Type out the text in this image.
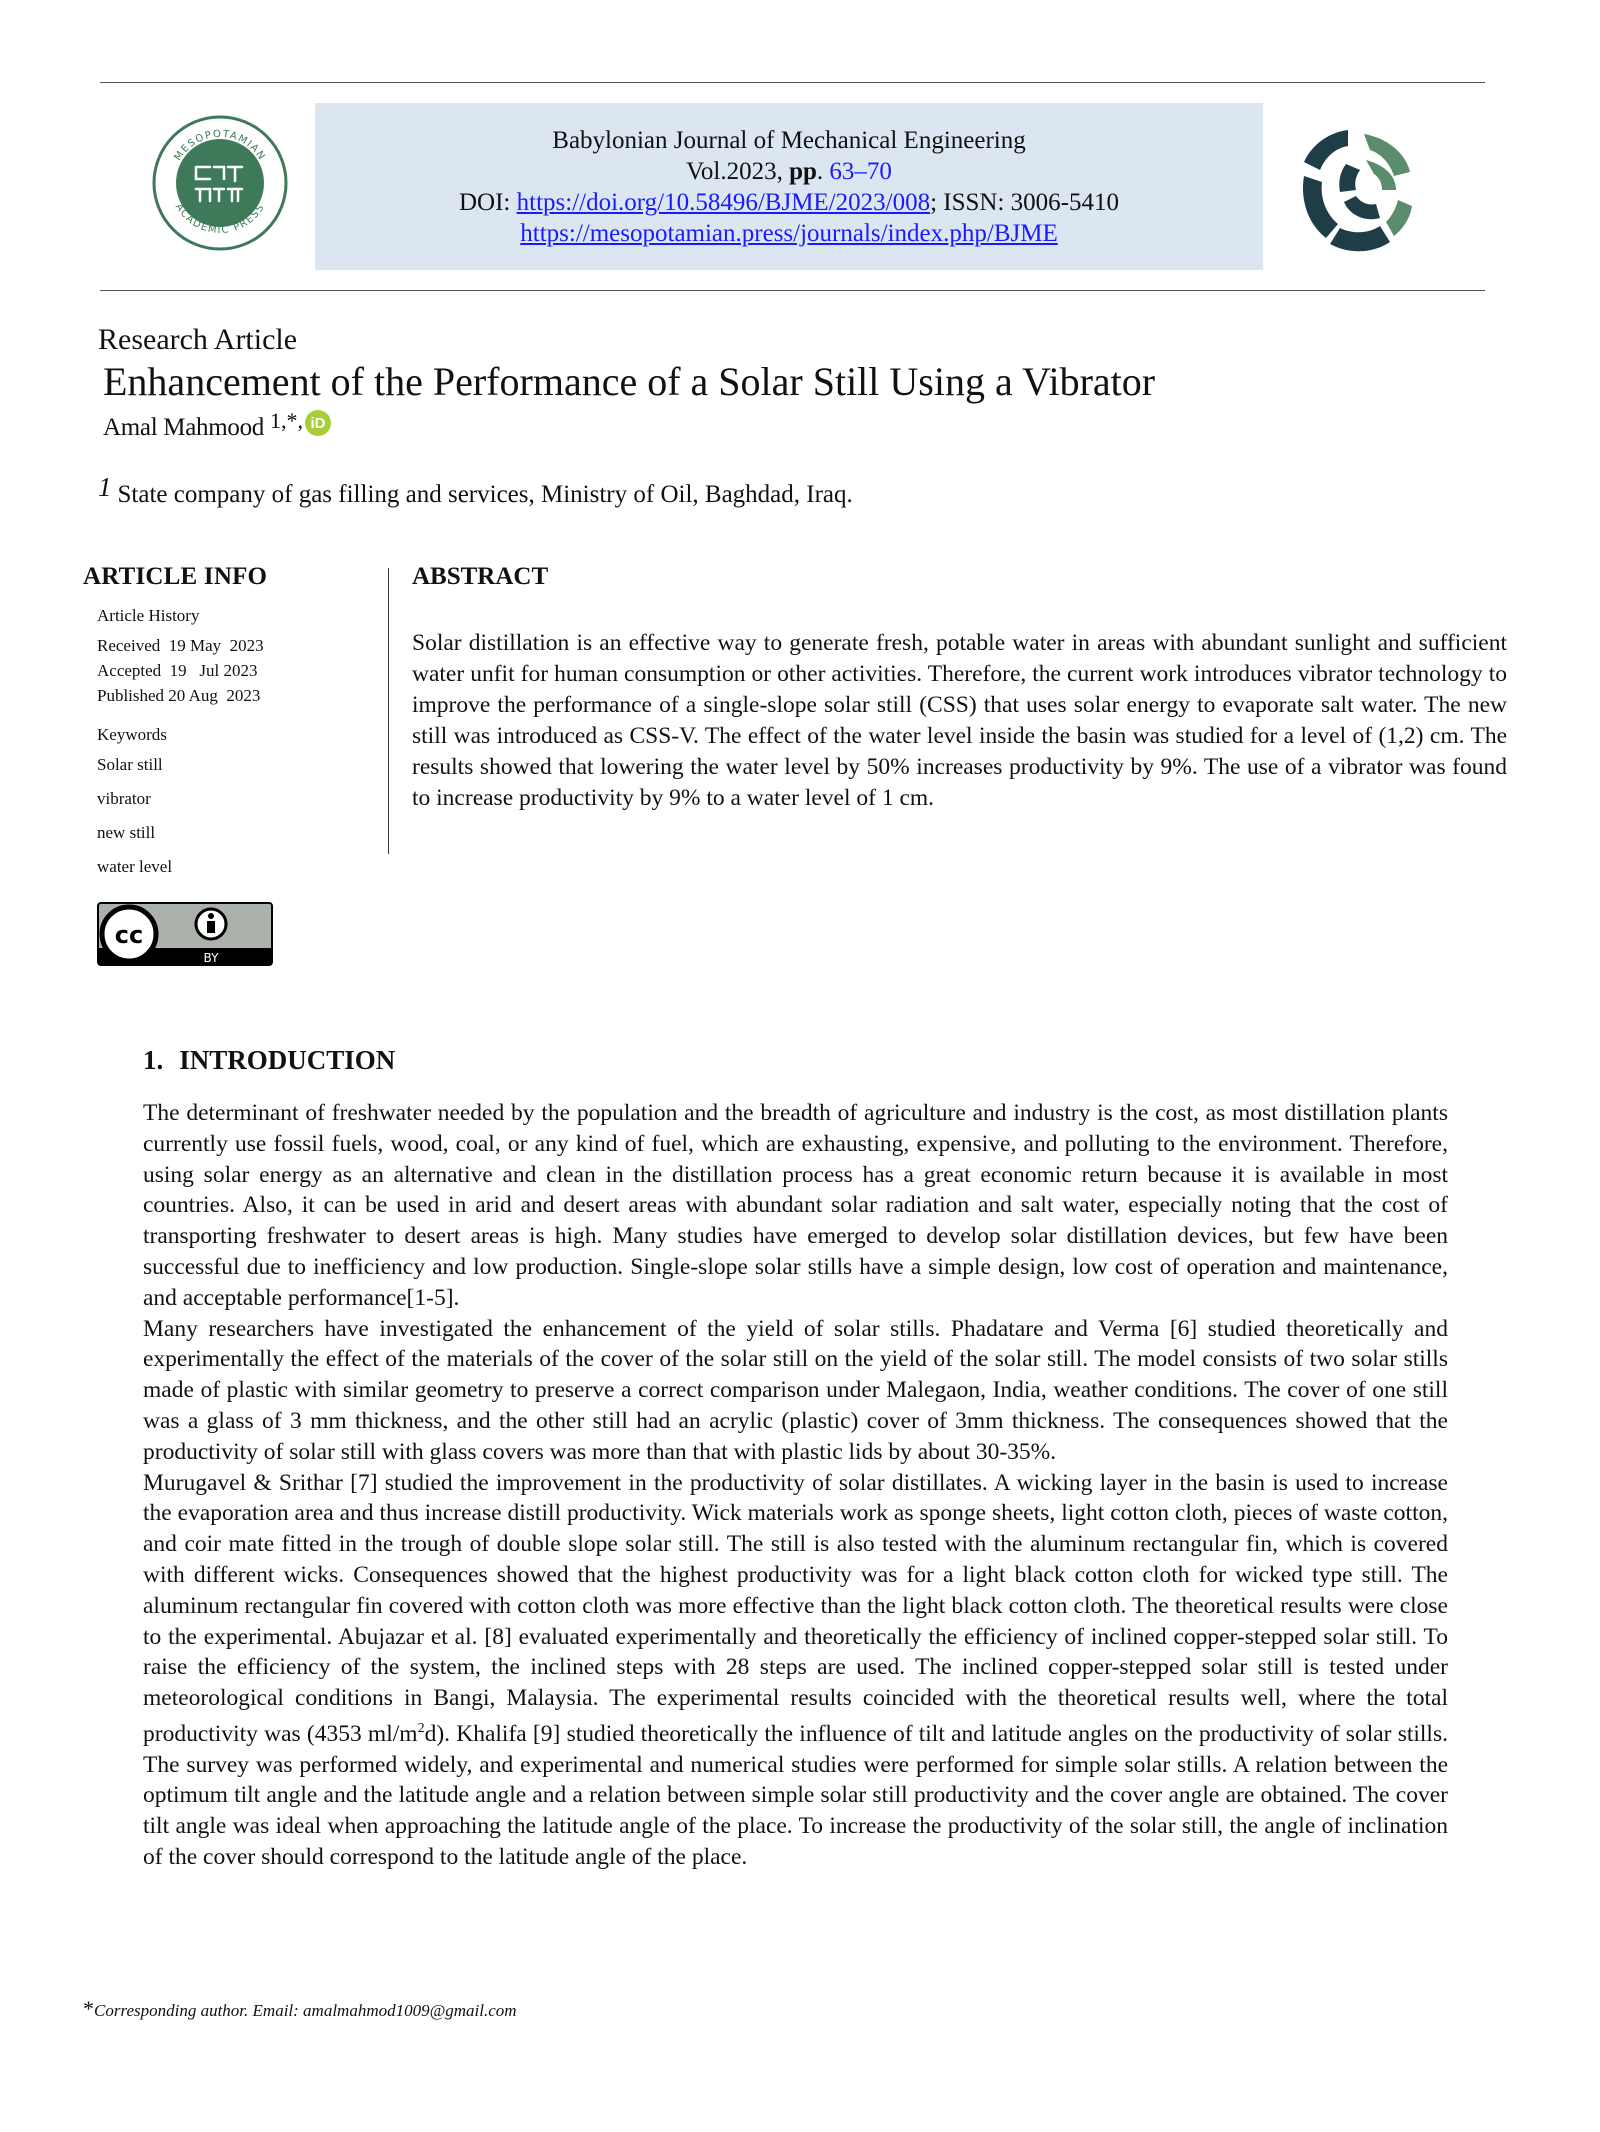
MESOPOTAMIAN
ACADEMIC PRESS
Babylonian Journal of Mechanical Engineering
Vol.2023, pp. 63–70
DOI: https://doi.org/10.58496/BJME/2023/008; ISSN: 3006-5410
https://mesopotamian.press/journals/index.php/BJME
Research Article
Enhancement of the Performance of a Solar Still Using a Vibrator
Amal Mahmood $^{1,*,}$ iD
1 State company of gas filling and services, Ministry of Oil, Baghdad, Iraq.
ARTICLE INFO
Article History
Received  19 May  2023
Accepted  19   Jul 2023
Published 20 Aug  2023
Keywords
Solar still
vibrator
new still
water level
cc
BY
ABSTRACT

Solar distillation is an effective way to generate fresh, potable water in areas with abundant sunlight and sufficient water unfit for human consumption or other activities. Therefore, the current work introduces vibrator technology to improve the performance of a single-slope solar still (CSS) that uses solar energy to evaporate salt water. The new still was introduced as CSS-V. The effect of the water level inside the basin was studied for a level of (1,2) cm. The results showed that lowering the water level by 50% increases productivity by 9%. The use of a vibrator was found to increase productivity by 9% to a water level of 1 cm.

1. INTRODUCTION

The determinant of freshwater needed by the population and the breadth of agriculture and industry is the cost, as most distillation plants currently use fossil fuels, wood, coal, or any kind of fuel, which are exhausting, expensive, and polluting to the environment. Therefore, using solar energy as an alternative and clean in the distillation process has a great economic return because it is available in most countries. Also, it can be used in arid and desert areas with abundant solar radiation and salt water, especially noting that the cost of transporting freshwater to desert areas is high. Many studies have emerged to develop solar distillation devices, but few have been successful due to inefficiency and low production. Single-slope solar stills have a simple design, low cost of operation and maintenance, and acceptable performance[1-5].

Many researchers have investigated the enhancement of the yield of solar stills. Phadatare and Verma [6] studied theoretically and experimentally the effect of the materials of the cover of the solar still on the yield of the solar still. The model consists of two solar stills made of plastic with similar geometry to preserve a correct comparison under Malegaon, India, weather conditions. The cover of one still was a glass of 3 mm thickness, and the other still had an acrylic (plastic) cover of 3mm thickness. The consequences showed that the productivity of solar still with glass covers was more than that with plastic lids by about 30-35%.

Murugavel & Srithar [7] studied the improvement in the productivity of solar distillates. A wicking layer in the basin is used to increase the evaporation area and thus increase distill productivity. Wick materials work as sponge sheets, light cotton cloth, pieces of waste cotton, and coir mate fitted in the trough of double slope solar still. The still is also tested with the aluminum rectangular fin, which is covered with different wicks. Consequences showed that the highest productivity was for a light black cotton cloth for wicked type still. The aluminum rectangular fin covered with cotton cloth was more effective than the light black cotton cloth. The theoretical results were close to the experimental. Abujazar et al. [8] evaluated experimentally and theoretically the efficiency of inclined copper-stepped solar still. To raise the efficiency of the system, the inclined steps with 28 steps are used. The inclined copper-stepped solar still is tested under meteorological conditions in Bangi, Malaysia. The experimental results coincided with the theoretical results well, where the total productivity was (4353 $ml/m^2d$). Khalifa [9] studied theoretically the influence of tilt and latitude angles on the productivity of solar stills. The survey was performed widely, and experimental and numerical studies were performed for simple solar stills. A relation between the optimum tilt angle and the latitude angle and a relation between simple solar still productivity and the cover angle are obtained. The cover tilt angle was ideal when approaching the latitude angle of the place. To increase the productivity of the solar still, the angle of inclination of the cover should correspond to the latitude angle of the place.

*Corresponding author. Email: amalmahmod1009@gmail.com
